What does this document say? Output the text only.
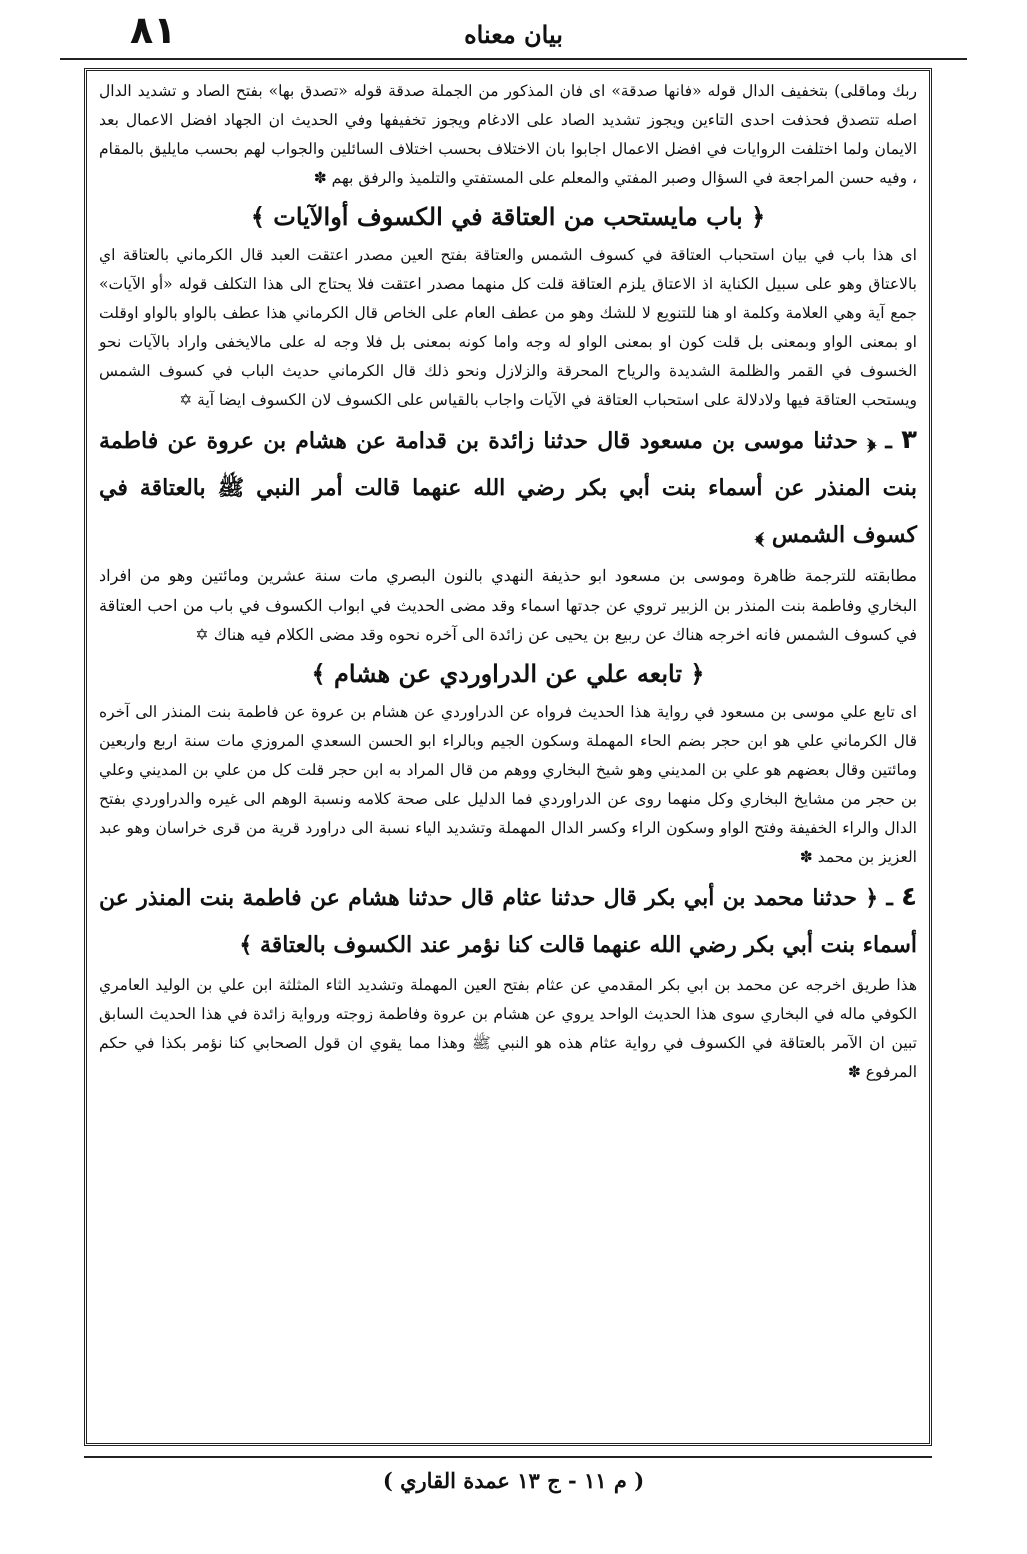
٨١	بيان معناه

ربك وماقلى) بتخفيف الدال قوله «فانها صدقة» اى فان المذكور من الجملة صدقة قوله «تصدق بها» بفتح الصاد و تشديد الدال اصله تتصدق فحذفت احدى التاءين ويجوز تشديد الصاد على الادغام ويجوز تخفيفها وفي الحديث ان الجهاد افضل الاعمال بعد الايمان ولما اختلفت الروايات في افضل الاعمال اجابوا بان الاختلاف بحسب اختلاف السائلين والجواب لهم بحسب مايليق بالمقام ، وفيه حسن المراجعة في السؤال وصبر المفتي والمعلم على المستفتي والتلميذ والرفق بهم ✽

﴿ باب مايستحب من العتاقة في الكسوف أوالآيات ﴾

اى هذا باب في بيان استحباب العتاقة في كسوف الشمس والعتاقة بفتح العين مصدر اعتقت العبد قال الكرماني بالعتاقة اي بالاعتاق وهو على سبيل الكناية اذ الاعتاق يلزم العتاقة قلت كل منهما مصدر اعتقت فلا يحتاج الى هذا التكلف قوله «أو الآيات» جمع آية وهي العلامة وكلمة او هنا للتنويع لا للشك وهو من عطف العام على الخاص قال الكرماني هذا عطف بالواو بالواو اوقلت او بمعنى الواو وبمعنى بل قلت كون او بمعنى الواو له وجه واما كونه بمعنى بل فلا وجه له على مالايخفى واراد بالآيات نحو الخسوف في القمر والظلمة الشديدة والرياح المحرقة والزلازل ونحو ذلك قال الكرماني حديث الباب في كسوف الشمس ويستحب العتاقة فيها ولادلالة على استحباب العتاقة في الآيات واجاب بالقياس على الكسوف لان الكسوف ايضا آية ✡

٣ ـ ﴿ حدثنا موسى بن مسعود قال حدثنا زائدة بن قدامة عن هشام بن عروة عن فاطمة بنت المنذر عن أسماء بنت أبي بكر رضي الله عنهما قالت أمر النبي ﷺ بالعتاقة في كسوف الشمس ﴾

مطابقته للترجمة ظاهرة وموسى بن مسعود ابو حذيفة النهدي بالنون البصري مات سنة عشرين ومائتين وهو من افراد البخاري وفاطمة بنت المنذر بن الزبير تروي عن جدتها اسماء وقد مضى الحديث في ابواب الكسوف في باب من احب العتاقة في كسوف الشمس فانه اخرجه هناك عن ربيع بن يحيى عن زائدة الى آخره نحوه وقد مضى الكلام فيه هناك ✡

﴿ تابعه علي عن الدراوردي عن هشام ﴾

اى تابع علي موسى بن مسعود في رواية هذا الحديث فرواه عن الدراوردي عن هشام بن عروة عن فاطمة بنت المنذر الى آخره قال الكرماني علي هو ابن حجر بضم الحاء المهملة وسكون الجيم وبالراء ابو الحسن السعدي المروزي مات سنة اربع واربعين ومائتين وقال بعضهم هو علي بن المديني وهو شيخ البخاري ووهم من قال المراد به ابن حجر قلت كل من علي بن المديني وعلي بن حجر من مشايخ البخاري وكل منهما روى عن الدراوردي فما الدليل على صحة كلامه ونسبة الوهم الى غيره والدراوردي بفتح الدال والراء الخفيفة وفتح الواو وسكون الراء وكسر الدال المهملة وتشديد الياء نسبة الى دراورد قرية من قرى خراسان وهو عبد العزيز بن محمد ✽

٤ ـ ﴿ حدثنا محمد بن أبي بكر قال حدثنا عثام قال حدثنا هشام عن فاطمة بنت المنذر عن أسماء بنت أبي بكر رضي الله عنهما قالت كنا نؤمر عند الكسوف بالعتاقة ﴾

هذا طريق اخرجه عن محمد بن ابي بكر المقدمي عن عثام بفتح العين المهملة وتشديد الثاء المثلثة ابن علي بن الوليد العامري الكوفي ماله في البخاري سوى هذا الحديث الواحد يروي عن هشام بن عروة وفاطمة زوجته ورواية زائدة في هذا الحديث السابق تبين ان الآمر بالعتاقة في الكسوف في رواية عثام هذه هو النبي ﷺ وهذا مما يقوي ان قول الصحابي كنا نؤمر بكذا في حكم المرفوع ✽

( م ١١ - ج ١٣ عمدة القاري )
